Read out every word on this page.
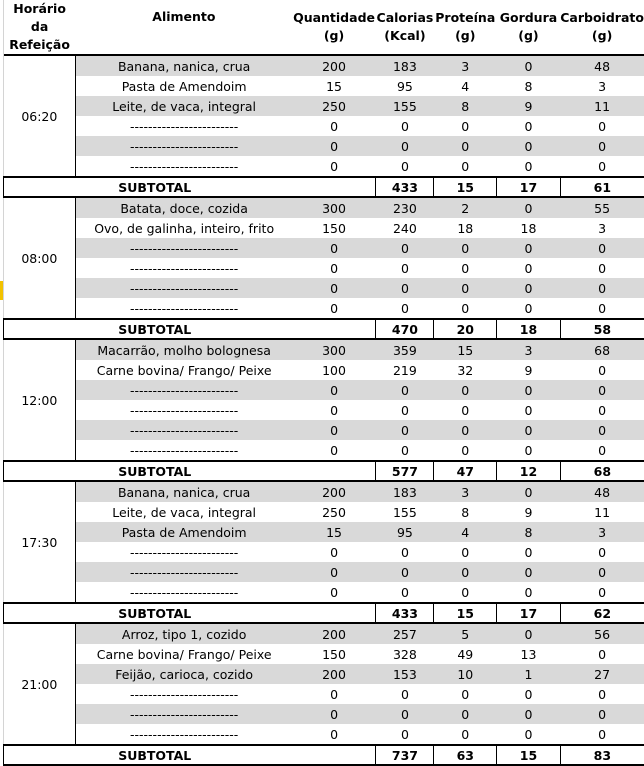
Horário da Refeição	Alimento	Quantidade (g)	Calorias (Kcal)	Proteína (g)	Gordura (g)	Carboidrato (g)
06:20	Banana, nanica, crua	200	183	3	0	48
	Pasta de Amendoim	15	95	4	8	3
	Leite, de vaca, integral	250	155	8	9	11
	------------------------	0	0	0	0	0
	------------------------	0	0	0	0	0
	------------------------	0	0	0	0	0
SUBTOTAL			433	15	17	61
08:00	Batata, doce, cozida	300	230	2	0	55
	Ovo, de galinha, inteiro, frito	150	240	18	18	3
	------------------------	0	0	0	0	0
	------------------------	0	0	0	0	0
	------------------------	0	0	0	0	0
	------------------------	0	0	0	0	0
SUBTOTAL			470	20	18	58
12:00	Macarrão, molho bolognesa	300	359	15	3	68
	Carne bovina/ Frango/ Peixe	100	219	32	9	0
	------------------------	0	0	0	0	0
	------------------------	0	0	0	0	0
	------------------------	0	0	0	0	0
	------------------------	0	0	0	0	0
SUBTOTAL			577	47	12	68
17:30	Banana, nanica, crua	200	183	3	0	48
	Leite, de vaca, integral	250	155	8	9	11
	Pasta de Amendoim	15	95	4	8	3
	------------------------	0	0	0	0	0
	------------------------	0	0	0	0	0
	------------------------	0	0	0	0	0
SUBTOTAL			433	15	17	62
21:00	Arroz, tipo 1, cozido	200	257	5	0	56
	Carne bovina/ Frango/ Peixe	150	328	49	13	0
	Feijão, carioca, cozido	200	153	10	1	27
	------------------------	0	0	0	0	0
	------------------------	0	0	0	0	0
	------------------------	0	0	0	0	0
SUBTOTAL			737	63	15	83
